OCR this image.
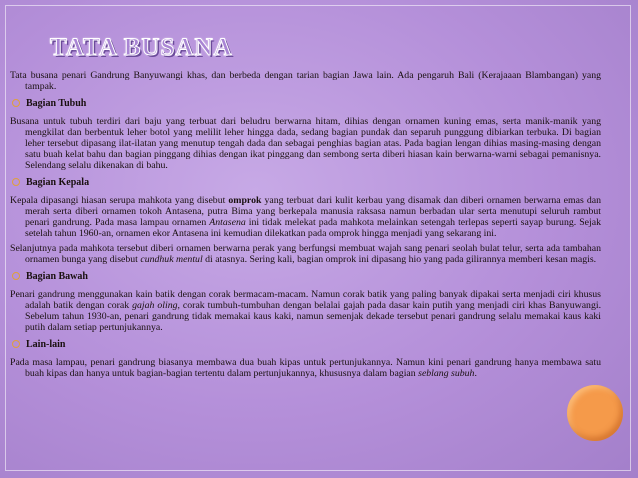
TATA BUSANA

Tata busana penari Gandrung Banyuwangi khas, dan berbeda dengan tarian bagian Jawa lain. Ada pengaruh Bali (Kerajaaan Blambangan) yang tampak.

Bagian Tubuh

Busana untuk tubuh terdiri dari baju yang terbuat dari beludru berwarna hitam, dihias dengan ornamen kuning emas, serta manik-manik yang mengkilat dan berbentuk leher botol yang melilit leher hingga dada, sedang bagian pundak dan separuh punggung dibiarkan terbuka. Di bagian leher tersebut dipasang ilat-ilatan yang menutup tengah dada dan sebagai penghias bagian atas. Pada bagian lengan dihias masing-masing dengan satu buah kelat bahu dan bagian pinggang dihias dengan ikat pinggang dan sembong serta diberi hiasan kain berwarna-warni sebagai pemanisnya. Selendang selalu dikenakan di bahu.

Bagian Kepala

Kepala dipasangi hiasan serupa mahkota yang disebut omprok yang terbuat dari kulit kerbau yang disamak dan diberi ornamen berwarna emas dan merah serta diberi ornamen tokoh Antasena, putra Bima yang berkepala manusia raksasa namun berbadan ular serta menutupi seluruh rambut penari gandrung. Pada masa lampau ornamen Antasena ini tidak melekat pada mahkota melainkan setengah terlepas seperti sayap burung. Sejak setelah tahun 1960-an, ornamen ekor Antasena ini kemudian dilekatkan pada omprok hingga menjadi yang sekarang ini.

Selanjutnya pada mahkota tersebut diberi ornamen berwarna perak yang berfungsi membuat wajah sang penari seolah bulat telur, serta ada tambahan ornamen bunga yang disebut cundhuk mentul di atasnya. Sering kali, bagian omprok ini dipasang hio yang pada gilirannya memberi kesan magis.

Bagian Bawah

Penari gandrung menggunakan kain batik dengan corak bermacam-macam. Namun corak batik yang paling banyak dipakai serta menjadi ciri khusus adalah batik dengan corak gajah oling, corak tumbuh-tumbuhan dengan belalai gajah pada dasar kain putih yang menjadi ciri khas Banyuwangi. Sebelum tahun 1930-an, penari gandrung tidak memakai kaus kaki, namun semenjak dekade tersebut penari gandrung selalu memakai kaus kaki putih dalam setiap pertunjukannya.

Lain-lain

Pada masa lampau, penari gandrung biasanya membawa dua buah kipas untuk pertunjukannya. Namun kini penari gandrung hanya membawa satu buah kipas dan hanya untuk bagian-bagian tertentu dalam pertunjukannya, khususnya dalam bagian seblang subuh.
